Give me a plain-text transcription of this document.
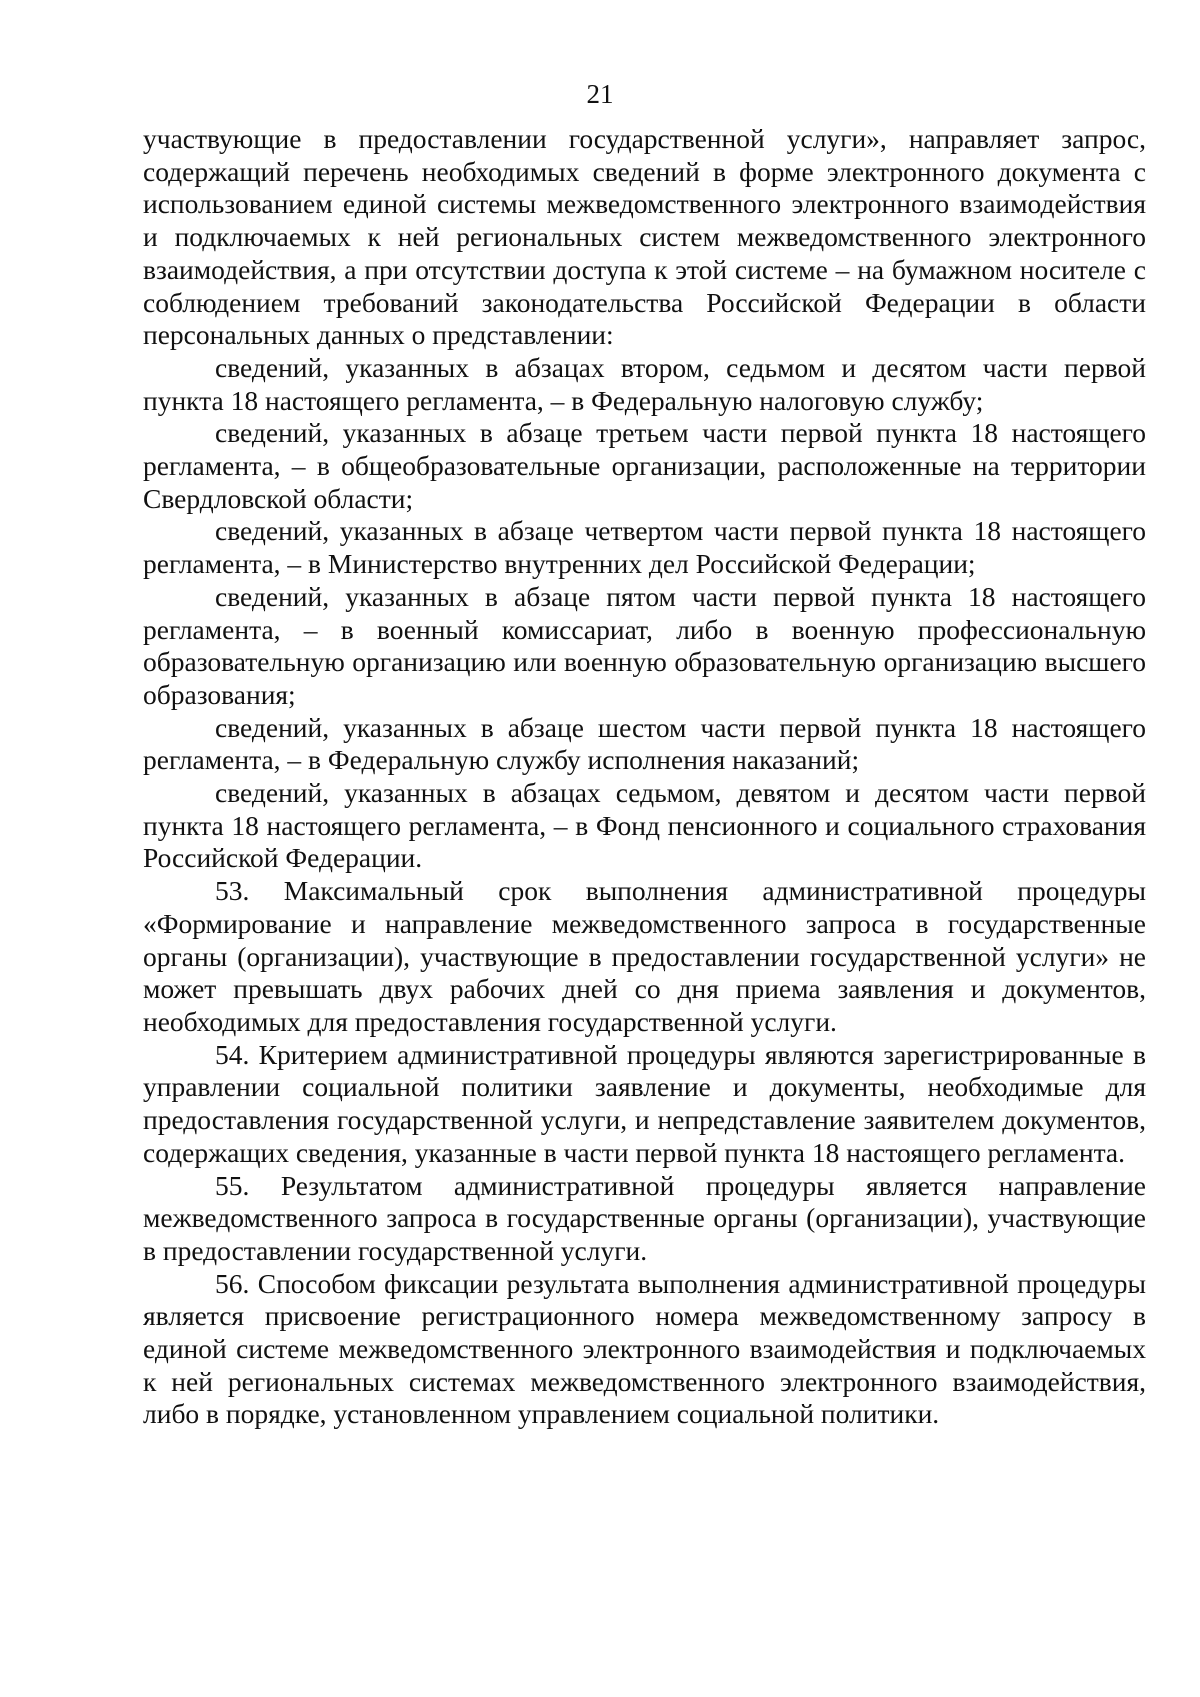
21

участвующие в предоставлении государственной услуги», направляет запрос, содержащий перечень необходимых сведений в форме электронного документа с использованием единой системы межведомственного электронного взаимодействия и подключаемых к ней региональных систем межведомственного электронного взаимодействия, а при отсутствии доступа к этой системе – на бумажном носителе с соблюдением требований законодательства Российской Федерации в области персональных данных о представлении:

сведений, указанных в абзацах втором, седьмом и десятом части первой пункта 18 настоящего регламента, – в Федеральную налоговую службу;

сведений, указанных в абзаце третьем части первой пункта 18 настоящего регламента, – в общеобразовательные организации, расположенные на территории Свердловской области;

сведений, указанных в абзаце четвертом части первой пункта 18 настоящего регламента, – в Министерство внутренних дел Российской Федерации;

сведений, указанных в абзаце пятом части первой пункта 18 настоящего регламента, – в военный комиссариат, либо в военную профессиональную образовательную организацию или военную образовательную организацию высшего образования;

сведений, указанных в абзаце шестом части первой пункта 18 настоящего регламента, – в Федеральную службу исполнения наказаний;

сведений, указанных в абзацах седьмом, девятом и десятом части первой пункта 18 настоящего регламента, – в Фонд пенсионного и социального страхования Российской Федерации.

53. Максимальный срок выполнения административной процедуры «Формирование и направление межведомственного запроса в государственные органы (организации), участвующие в предоставлении государственной услуги» не может превышать двух рабочих дней со дня приема заявления и документов, необходимых для предоставления государственной услуги.

54. Критерием административной процедуры являются зарегистрированные в управлении социальной политики заявление и документы, необходимые для предоставления государственной услуги, и непредставление заявителем документов, содержащих сведения, указанные в части первой пункта 18 настоящего регламента.

55. Результатом административной процедуры является направление межведомственного запроса в государственные органы (организации), участвующие в предоставлении государственной услуги.

56. Способом фиксации результата выполнения административной процедуры является присвоение регистрационного номера межведомственному запросу в единой системе межведомственного электронного взаимодействия и подключаемых к ней региональных системах межведомственного электронного взаимодействия, либо в порядке, установленном управлением социальной политики.
